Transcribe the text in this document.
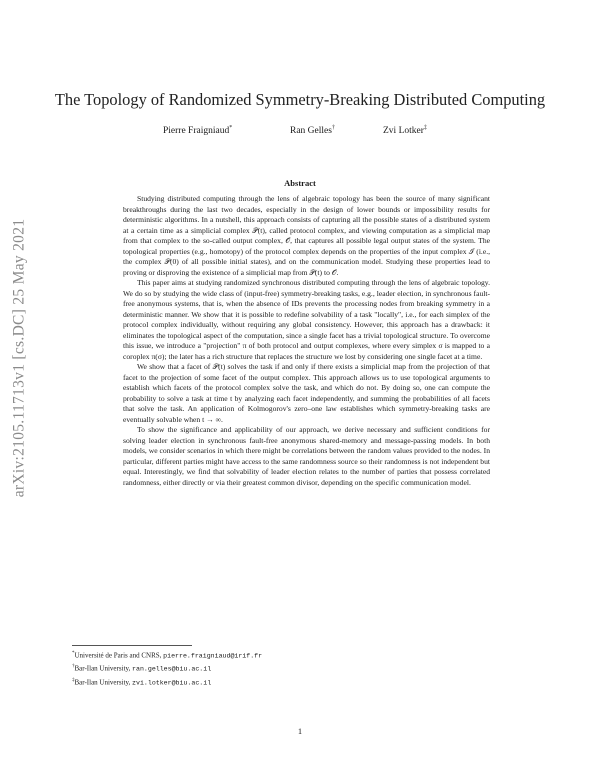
arXiv:2105.11713v1 [cs.DC] 25 May 2021
The Topology of Randomized Symmetry-Breaking Distributed Computing
Pierre Fraigniaud*	Ran Gelles†	Zvi Lotker‡
Abstract

Studying distributed computing through the lens of algebraic topology has been the source of many significant breakthroughs during the last two decades, especially in the design of lower bounds or impossibility results for deterministic algorithms. In a nutshell, this approach consists of capturing all the possible states of a distributed system at a certain time as a simplicial complex 𝒫(t), called protocol complex, and viewing computation as a simplicial map from that complex to the so-called output complex, 𝒪, that captures all possible legal output states of the system. The topological properties (e.g., homotopy) of the protocol complex depends on the properties of the input complex ℐ (i.e., the complex 𝒫(0) of all possible initial states), and on the communication model. Studying these properties lead to proving or disproving the existence of a simplicial map from 𝒫(t) to 𝒪.

This paper aims at studying randomized synchronous distributed computing through the lens of algebraic topology. We do so by studying the wide class of (input-free) symmetry-breaking tasks, e.g., leader election, in synchronous fault-free anonymous systems, that is, when the absence of IDs prevents the processing nodes from breaking symmetry in a deterministic manner. We show that it is possible to redefine solvability of a task "locally", i.e., for each simplex of the protocol complex individually, without requiring any global consistency. However, this approach has a drawback: it eliminates the topological aspect of the computation, since a single facet has a trivial topological structure. To overcome this issue, we introduce a "projection" π of both protocol and output complexes, where every simplex σ is mapped to a coroplex π(σ); the later has a rich structure that replaces the structure we lost by considering one single facet at a time.

We show that a facet of 𝒫(t) solves the task if and only if there exists a simplicial map from the projection of that facet to the projection of some facet of the output complex. This approach allows us to use topological arguments to establish which facets of the protocol complex solve the task, and which do not. By doing so, one can compute the probability to solve a task at time t by analyzing each facet independently, and summing the probabilities of all facets that solve the task. An application of Kolmogorov's zero–one law establishes which symmetry-breaking tasks are eventually solvable when t → ∞.

To show the significance and applicability of our approach, we derive necessary and sufficient conditions for solving leader election in synchronous fault-free anonymous shared-memory and message-passing models. In both models, we consider scenarios in which there might be correlations between the random values provided to the nodes. In particular, different parties might have access to the same randomness source so their randomness is not independent but equal. Interestingly, we find that solvability of leader election relates to the number of parties that possess correlated randomness, either directly or via their greatest common divisor, depending on the specific communication model.

*Université de Paris and CNRS, pierre.fraigniaud@irif.fr
†Bar-Ilan University, ran.gelles@biu.ac.il
‡Bar-Ilan University, zvi.lotker@biu.ac.il
1
